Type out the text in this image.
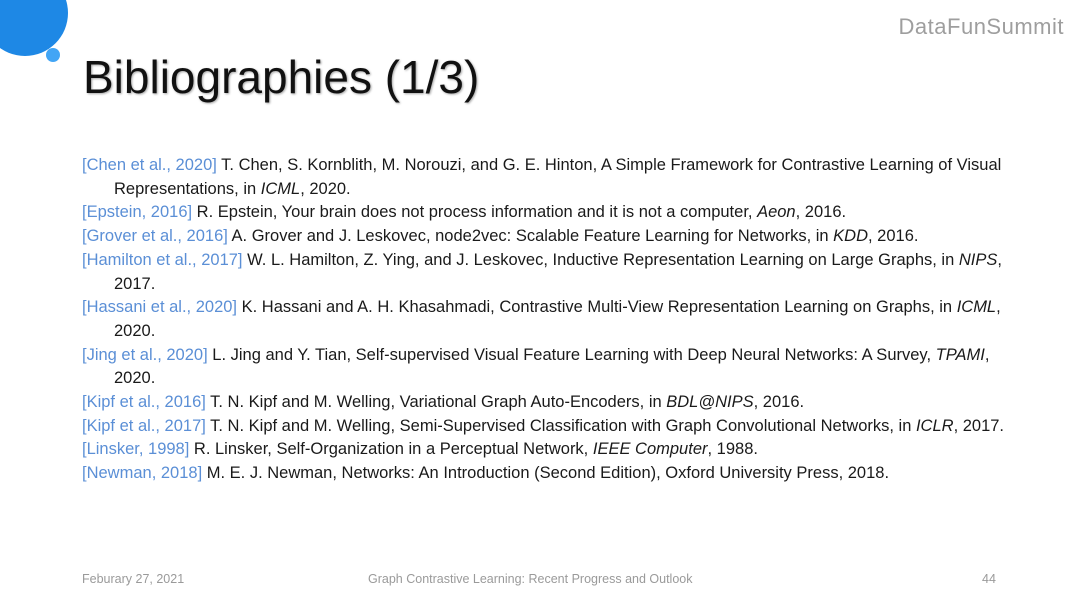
DataFunSummit
Bibliographies (1/3)
[Chen et al., 2020] T. Chen, S. Kornblith, M. Norouzi, and G. E. Hinton, A Simple Framework for Contrastive Learning of Visual Representations, in ICML, 2020.
[Epstein, 2016] R. Epstein, Your brain does not process information and it is not a computer, Aeon, 2016.
[Grover et al., 2016] A. Grover and J. Leskovec, node2vec: Scalable Feature Learning for Networks, in KDD, 2016.
[Hamilton et al., 2017] W. L. Hamilton, Z. Ying, and J. Leskovec, Inductive Representation Learning on Large Graphs, in NIPS, 2017.
[Hassani et al., 2020] K. Hassani and A. H. Khasahmadi, Contrastive Multi-View Representation Learning on Graphs, in ICML, 2020.
[Jing et al., 2020] L. Jing and Y. Tian, Self-supervised Visual Feature Learning with Deep Neural Networks: A Survey, TPAMI, 2020.
[Kipf et al., 2016] T. N. Kipf and M. Welling, Variational Graph Auto-Encoders, in BDL@NIPS, 2016.
[Kipf et al., 2017] T. N. Kipf and M. Welling, Semi-Supervised Classification with Graph Convolutional Networks, in ICLR, 2017.
[Linsker, 1998] R. Linsker, Self-Organization in a Perceptual Network, IEEE Computer, 1988.
[Newman, 2018] M. E. J. Newman, Networks: An Introduction (Second Edition), Oxford University Press, 2018.
Feburary 27, 2021	Graph Contrastive Learning: Recent Progress and Outlook	44
